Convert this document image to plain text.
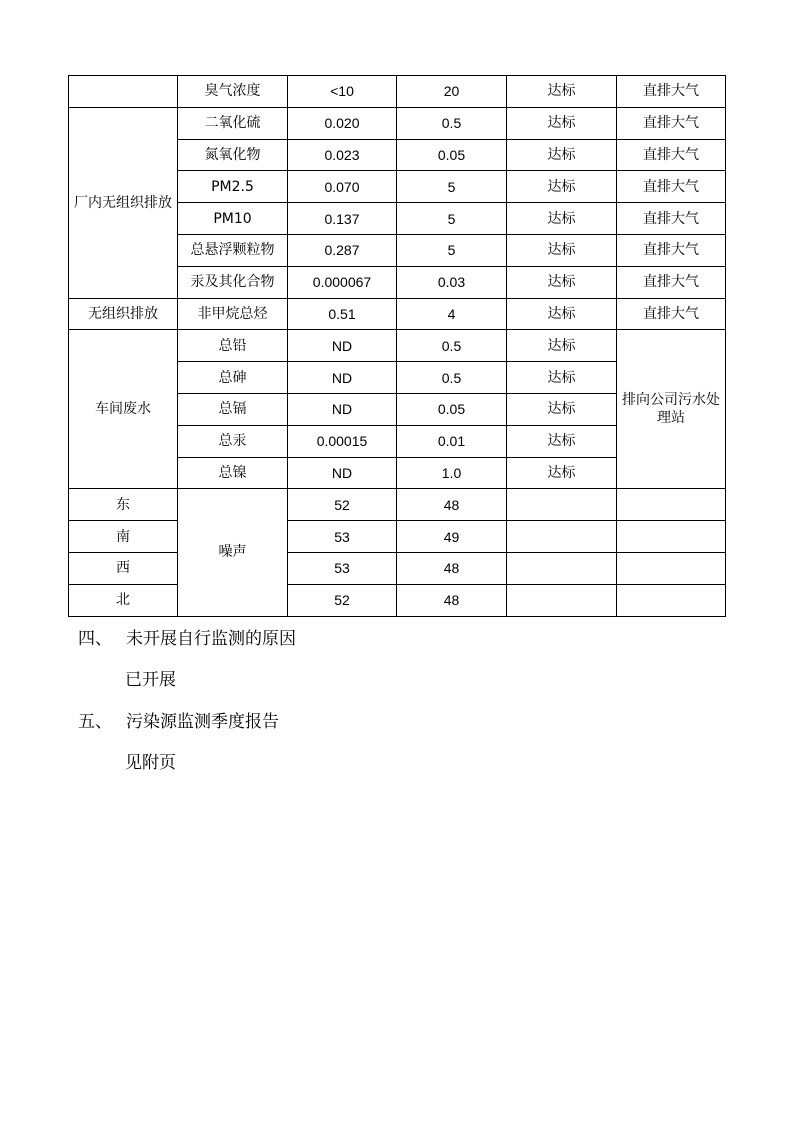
	臭气浓度	<10	20	达标	直排大气
厂内无组织排放	二氧化硫	0.020	0.5	达标	直排大气
	氮氧化物	0.023	0.05	达标	直排大气
	PM2.5	0.070	5	达标	直排大气
	PM10	0.137	5	达标	直排大气
	总悬浮颗粒物	0.287	5	达标	直排大气
	汞及其化合物	0.000067	0.03	达标	直排大气
无组织排放	非甲烷总烃	0.51	4	达标	直排大气
车间废水	总铅	ND	0.5	达标	排向公司污水处理站
	总砷	ND	0.5	达标	
	总镉	ND	0.05	达标	
	总汞	0.00015	0.01	达标	
	总镍	ND	1.0	达标	
东	噪声	52	48		
南		53	49		
西		53	48		
北		52	48		
四、 未开展自行监测的原因
已开展
五、 污染源监测季度报告
见附页
